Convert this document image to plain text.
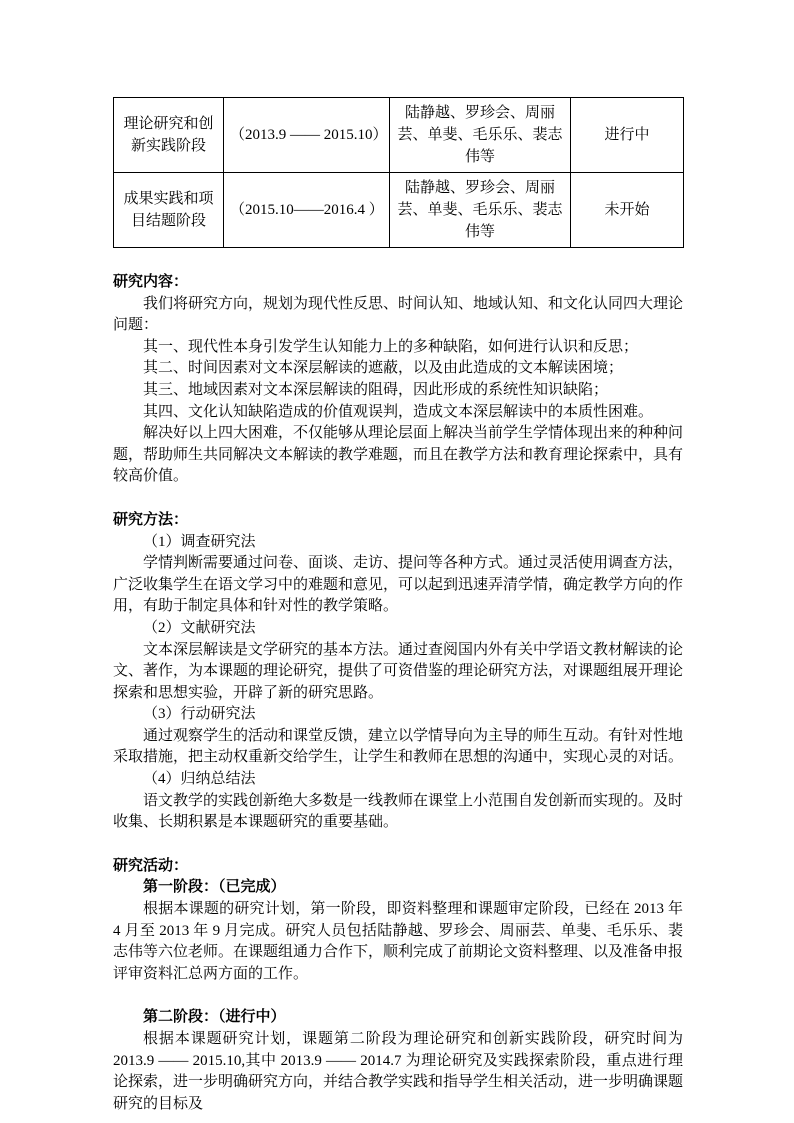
理论研究和创新实践阶段	（2013.9 —— 2015.10）	陆静越、罗珍会、周丽芸、单斐、毛乐乐、裴志伟等	进行中
成果实践和项目结题阶段	（2015.10——2016.4 ）	陆静越、罗珍会、周丽芸、单斐、毛乐乐、裴志伟等	未开始
研究内容：

我们将研究方向，规划为现代性反思、时间认知、地域认知、和文化认同四大理论问题：

其一、现代性本身引发学生认知能力上的多种缺陷，如何进行认识和反思；

其二、时间因素对文本深层解读的遮蔽，以及由此造成的文本解读困境；

其三、地域因素对文本深层解读的阻碍，因此形成的系统性知识缺陷；

其四、文化认知缺陷造成的价值观误判，造成文本深层解读中的本质性困难。

解决好以上四大困难，不仅能够从理论层面上解决当前学生学情体现出来的种种问题，帮助师生共同解决文本解读的教学难题，而且在教学方法和教育理论探索中，具有较高价值。

研究方法：

（1）调查研究法

学情判断需要通过问卷、面谈、走访、提问等各种方式。通过灵活使用调查方法，广泛收集学生在语文学习中的难题和意见，可以起到迅速弄清学情，确定教学方向的作用，有助于制定具体和针对性的教学策略。

（2）文献研究法

文本深层解读是文学研究的基本方法。通过查阅国内外有关中学语文教材解读的论文、著作，为本课题的理论研究，提供了可资借鉴的理论研究方法，对课题组展开理论探索和思想实验，开辟了新的研究思路。

（3）行动研究法

通过观察学生的活动和课堂反馈，建立以学情导向为主导的师生互动。有针对性地采取措施，把主动权重新交给学生，让学生和教师在思想的沟通中，实现心灵的对话。

（4）归纳总结法

语文教学的实践创新绝大多数是一线教师在课堂上小范围自发创新而实现的。及时收集、长期积累是本课题研究的重要基础。

研究活动：

第一阶段：（已完成）

根据本课题的研究计划，第一阶段，即资料整理和课题审定阶段，已经在 2013 年 4 月至 2013 年 9 月完成。研究人员包括陆静越、罗珍会、周丽芸、单斐、毛乐乐、裴志伟等六位老师。在课题组通力合作下，顺利完成了前期论文资料整理、以及准备申报评审资料汇总两方面的工作。

第二阶段：（进行中）

根据本课题研究计划，课题第二阶段为理论研究和创新实践阶段，研究时间为 2013.9 —— 2015.10,其中 2013.9 —— 2014.7 为理论研究及实践探索阶段，重点进行理论探索，进一步明确研究方向，并结合教学实践和指导学生相关活动，进一步明确课题研究的目标及
